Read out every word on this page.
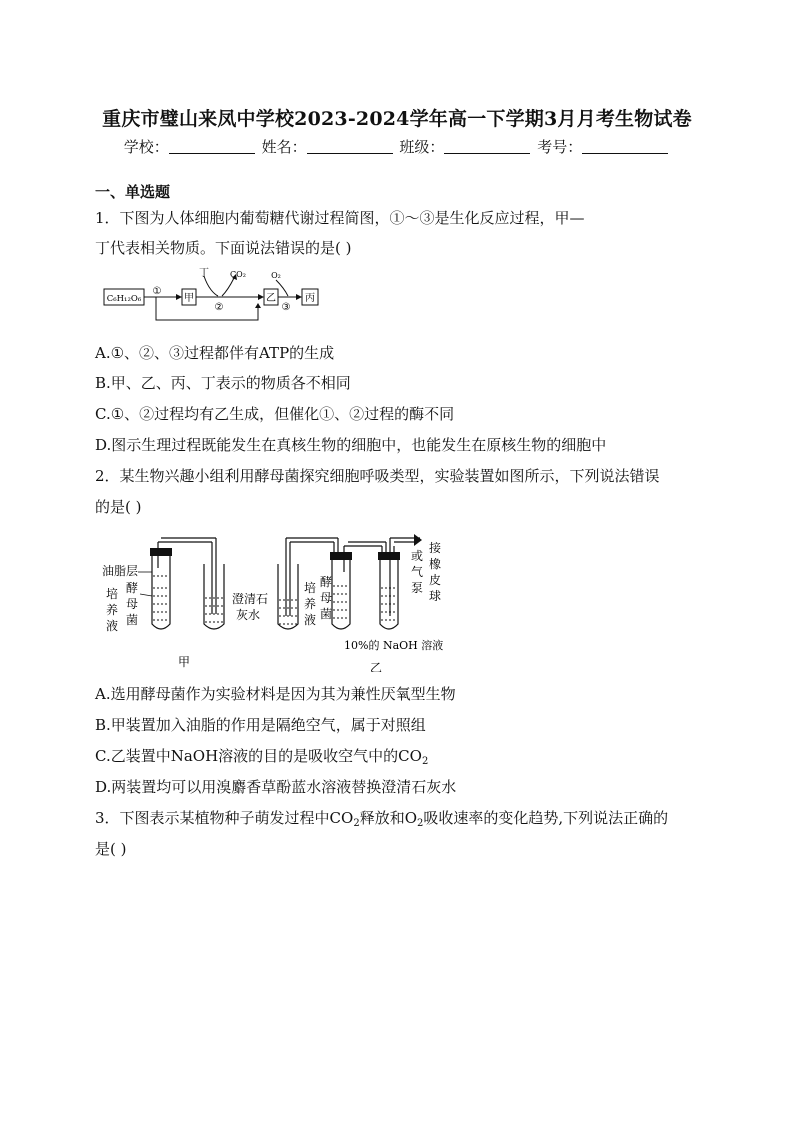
重庆市璧山来凤中学校2023-2024学年高一下学期3月月考生物试卷
学校：	姓名：	班级：	考号：
一、单选题
1．下图为人体细胞内葡萄糖代谢过程简图，①～③是生化反应过程，甲—
丁代表相关物质。下面说法错误的是( )
C₆H₁₂O₆
①
甲
丁	CO₂
②
乙
O₂
③
丙
A.①、②、③过程都伴有ATP的生成
B.甲、乙、丙、丁表示的物质各不相同
C.①、②过程均有乙生成，但催化①、②过程的酶不同
D.图示生理过程既能发生在真核生物的细胞中，也能发生在原核生物的细胞中
2．某生物兴趣小组利用酵母菌探究细胞呼吸类型，实验装置如图所示，下列说法错误
的是( )
油脂层
培
养
液
酵
母
菌
甲
澄清石
灰水
培
养
液
酵
母
菌
10%的 NaOH 溶液
乙
接
橡
皮
球
或
气
泵
A.选用酵母菌作为实验材料是因为其为兼性厌氧型生物
B.甲装置加入油脂的作用是隔绝空气，属于对照组
C.乙装置中NaOH溶液的目的是吸收空气中的$CO_2$
D.两装置均可以用溴麝香草酚蓝水溶液替换澄清石灰水
3．下图表示某植物种子萌发过程中$CO_2$释放和$O_2$吸收速率的变化趋势,下列说法正确的
是( )
